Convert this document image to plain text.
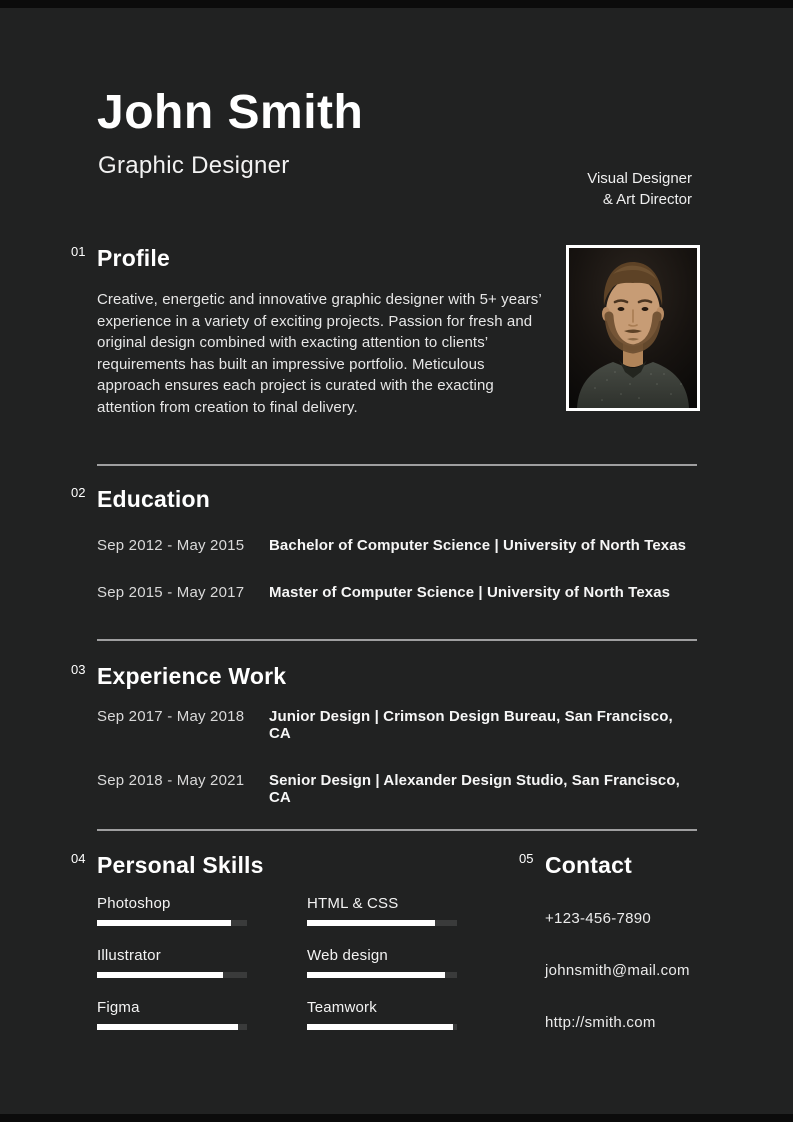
John Smith
Graphic Designer	Visual Designer
& Art Director
01 Profile

Creative, energetic and innovative graphic designer with 5+ years’ experience in a variety of exciting projects. Passion for fresh and original design combined with exacting attention to clients’ requirements has built an impressive portfolio. Meticulous approach ensures each project is curated with the exacting attention from creation to final delivery.

02 Education
Sep 2012 - May 2015	Bachelor of Computer Science | University of North Texas
Sep 2015 - May 2017	Master of Computer Science | University of North Texas
03 Experience Work
Sep 2017 - May 2018	Junior Design | Crimson Design Bureau, San Francisco, CA
Sep 2018 - May 2021	Senior Design | Alexander Design Studio, San Francisco, CA
04 Personal Skills
Photoshop
Illustrator
Figma
HTML & CSS
Web design
Teamwork
05 Contact
+123-456-7890
johnsmith@mail.com
http://smith.com
